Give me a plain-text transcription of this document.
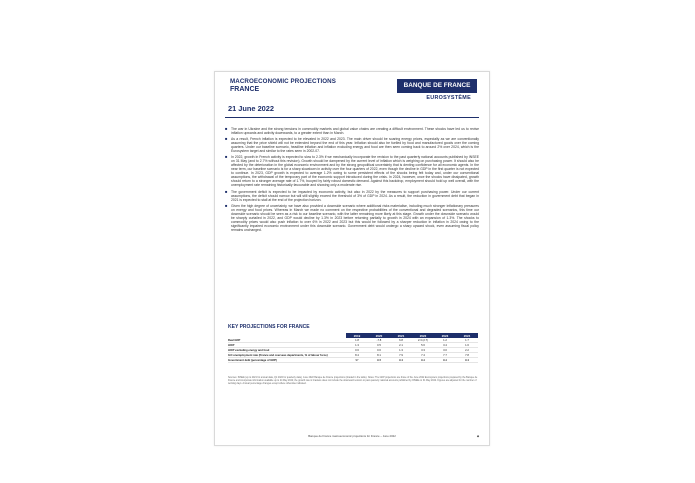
MACROECONOMIC PROJECTIONS
FRANCE
BANQUE DE FRANCE
EUROSYSTÈME
21 June 2022

■ The war in Ukraine and the strong tensions in commodity markets and global value chains are creating a difficult environment. These shocks have led us to revise inflation upwards and activity downwards, to a greater extent than in March.

■ As a result, French inflation is expected to be elevated in 2022 and 2023. The main driver should be soaring energy prices, especially as we are conventionally assuming that the price shield will not be extended beyond the end of this year. Inflation should also be fuelled by food and manufactured goods over the coming quarters. Under our baseline scenario, headline inflation and inflation excluding energy and food are then seen coming back to around 2% over 2024, which is the Eurosystem target and similar to the rates seen in 2002-07.

■ In 2022, growth in French activity is expected to slow to 2.3% if we mechanically incorporate the revision to the past quarterly national accounts published by INSEE on 31 May (and to 2.7% without this revision). Growth should be dampened by the current level of inflation which is weighing on purchasing power. It should also be affected by the deterioration in the global economic environment and by the strong geopolitical uncertainty that is denting confidence for all economic agents. In the near term, our baseline scenario is for a sharp slowdown in activity over the four quarters of 2022, even though the decline in GDP in the first quarter is not expected to continue. In 2023, GDP growth is expected to average 1.2% owing to some persistent effects of the shocks being felt today and, under our conventional assumptions, the withdrawal of the temporary part of the economic support introduced during the crisis. In 2024, however, once the shocks have dissipated, growth should return to a stronger average rate of 1.7%, buoyed by fairly robust domestic demand. Against this backdrop, employment should hold up well overall, with the unemployment rate remaining historically favourable and showing only a moderate rise.

■ The government deficit is expected to be impacted by economic activity, but also in 2022 by the measures to support purchasing power. Under our current assumptions, the deficit should narrow but will still slightly exceed the threshold of 3% of GDP in 2024. As a result, the reduction in government debt that began in 2021 is expected to stall at the end of the projection horizon.

■ Given the high degree of uncertainty, we have also provided a downside scenario where additional risks materialise, including much stronger inflationary pressures on energy and food prices. Whereas in March we made no comment on the respective probabilities of the conventional and degraded scenarios, this time our downside scenario should be seen as a risk to our baseline scenario, with the latter remaining more likely at this stage. Growth under the downside scenario would be sharply curtailed in 2022, and GDP would decline by 1.3% in 2023 before returning partially to growth in 2024 with an expansion of 1.3%. The shocks to commodity prices would also push inflation to over 6% in 2022 and 2023 but this would be followed by a sharper reduction in inflation in 2024 owing to the significantly impaired economic environment under this downside scenario. Government debt would undergo a sharp upward shock, even assuming fiscal policy remains unchanged.

KEY PROJECTIONS FOR FRANCE
	2019	2020	2021	2022	2023	2024
Real GDP	1.8	-7.8	6.8	2.3 (2.7)	1.2	1.7
HICP	1.3	0.5	2.1	5.6	3.4	1.6
HICP excluding energy and food	0.6	0.6	1.3	3.3	3.0	2.2
ILO unemployment rate (France and overseas departments, % of labour force)	8.4	8.1	7.9	7.4	7.7	7.8
Government debt (percentage of GDP)	97	115	113	112	112	113
Sources: INSEE (up to 2021 for annual data, Q1 2022 for quarterly data), June 2022 Banque de France projections (shaded in the table). Notes: The GDP projections are those of the June 2022 Eurosystem projections prepared by the Banque de France and incorporate information available up to 24 May 2022; the growth rate in brackets does not include the downward revision to past quarterly national accounts published by INSEE on 31 May 2022. Figures are adjusted for the number of working days. Annual percentage changes except where otherwise indicated.
Banque de France macroeconomic projections for France – June 2022	◆
